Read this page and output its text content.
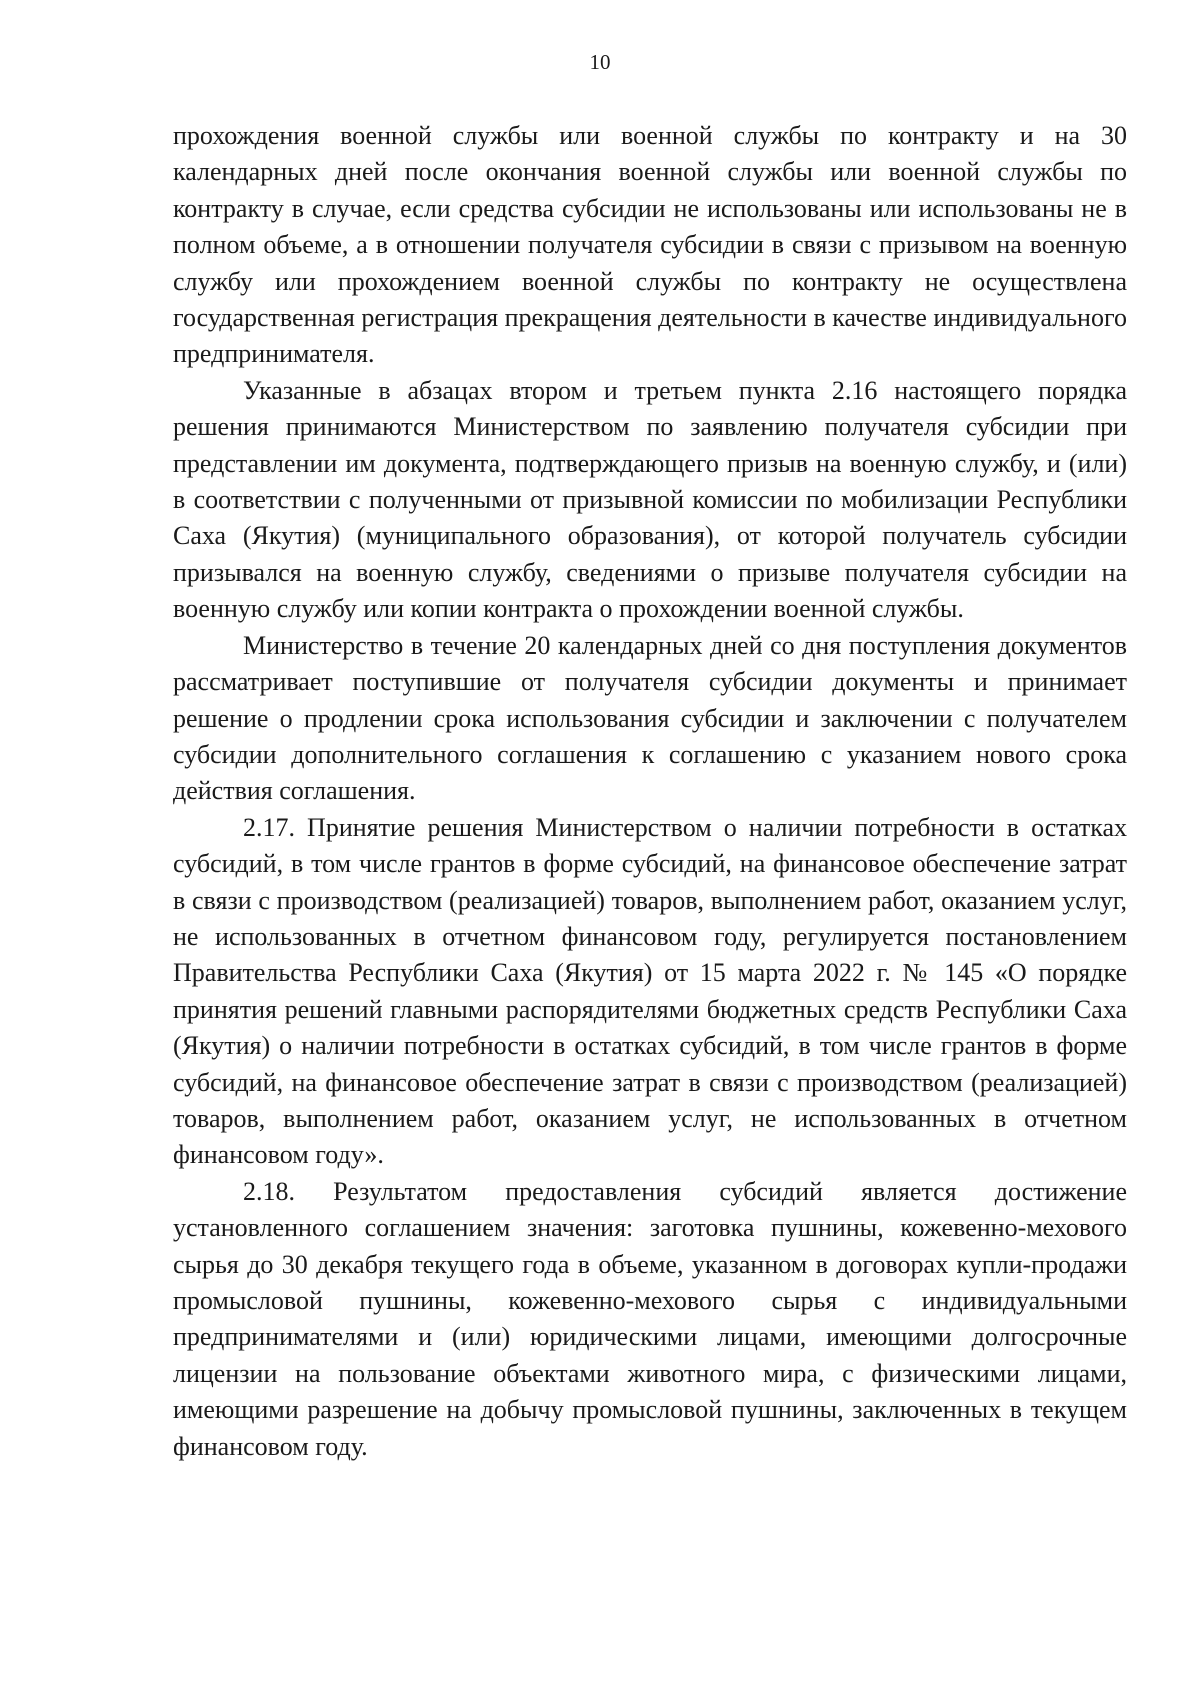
10

прохождения военной службы или военной службы по контракту и на 30 календарных дней после окончания военной службы или военной службы по контракту в случае, если средства субсидии не использованы или использованы не в полном объеме, а в отношении получателя субсидии в связи с призывом на военную службу или прохождением военной службы по контракту не осуществлена государственная регистрация прекращения деятельности в качестве индивидуального предпринимателя.

Указанные в абзацах втором и третьем пункта 2.16 настоящего порядка решения принимаются Министерством по заявлению получателя субсидии при представлении им документа, подтверждающего призыв на военную службу, и (или) в соответствии с полученными от призывной комиссии по мобилизации Республики Саха (Якутия) (муниципального образования), от которой получатель субсидии призывался на военную службу, сведениями о призыве получателя субсидии на военную службу или копии контракта о прохождении военной службы.

Министерство в течение 20 календарных дней со дня поступления документов рассматривает поступившие от получателя субсидии документы и принимает решение о продлении срока использования субсидии и заключении с получателем субсидии дополнительного соглашения к соглашению с указанием нового срока действия соглашения.

2.17. Принятие решения Министерством о наличии потребности в остатках субсидий, в том числе грантов в форме субсидий, на финансовое обеспечение затрат в связи с производством (реализацией) товаров, выполнением работ, оказанием услуг, не использованных в отчетном финансовом году, регулируется постановлением Правительства Республики Саха (Якутия) от 15 марта 2022 г. № 145 «О порядке принятия решений главными распорядителями бюджетных средств Республики Саха (Якутия) о наличии потребности в остатках субсидий, в том числе грантов в форме субсидий, на финансовое обеспечение затрат в связи с производством (реализацией) товаров, выполнением работ, оказанием услуг, не использованных в отчетном финансовом году».

2.18. Результатом предоставления субсидий является достижение установленного соглашением значения: заготовка пушнины, кожевенно-мехового сырья до 30 декабря текущего года в объеме, указанном в договорах купли-продажи промысловой пушнины, кожевенно-мехового сырья с индивидуальными предпринимателями и (или) юридическими лицами, имеющими долгосрочные лицензии на пользование объектами животного мира, с физическими лицами, имеющими разрешение на добычу промысловой пушнины, заключенных в текущем финансовом году.
